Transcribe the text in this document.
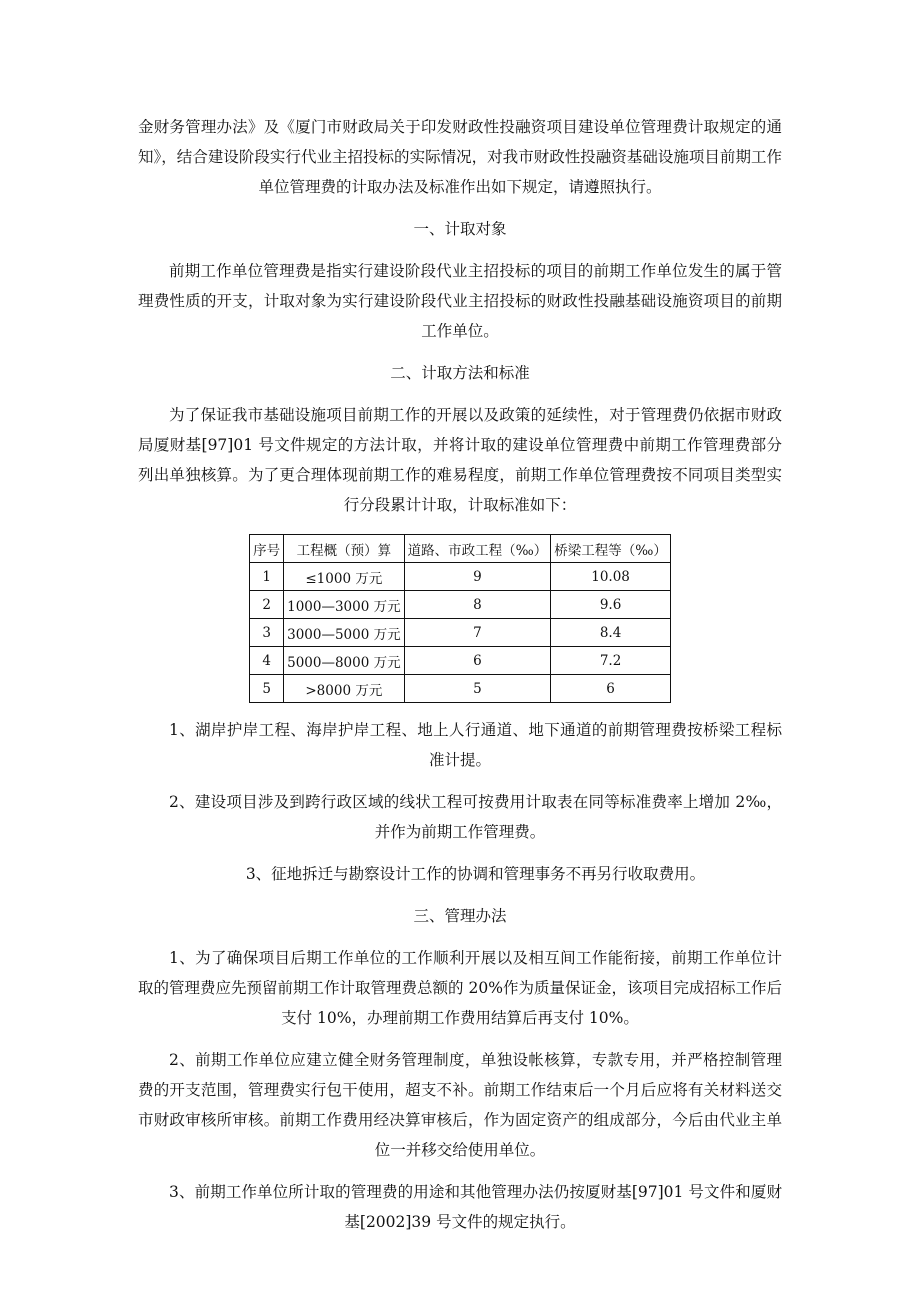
金财务管理办法》及《厦门市财政局关于印发财政性投融资项目建设单位管理费计取规定的通知》，结合建设阶段实行代业主招投标的实际情况，对我市财政性投融资基础设施项目前期工作单位管理费的计取办法及标准作出如下规定，请遵照执行。

一、计取对象

前期工作单位管理费是指实行建设阶段代业主招投标的项目的前期工作单位发生的属于管理费性质的开支，计取对象为实行建设阶段代业主招投标的财政性投融基础设施资项目的前期工作单位。

二、计取方法和标准

为了保证我市基础设施项目前期工作的开展以及政策的延续性，对于管理费仍依据市财政局厦财基[97]01 号文件规定的方法计取，并将计取的建设单位管理费中前期工作管理费部分列出单独核算。为了更合理体现前期工作的难易程度，前期工作单位管理费按不同项目类型实行分段累计计取，计取标准如下：

序号	工程概（预）算	道路、市政工程（‰）	桥梁工程等（‰）
1	≤1000 万元	9	10.08
2	1000—3000 万元	8	9.6
3	3000—5000 万元	7	8.4
4	5000—8000 万元	6	7.2
5	>8000 万元	5	6

1、湖岸护岸工程、海岸护岸工程、地上人行通道、地下通道的前期管理费按桥梁工程标准计提。

2、建设项目涉及到跨行政区域的线状工程可按费用计取表在同等标准费率上增加 2‰，并作为前期工作管理费。

3、征地拆迁与勘察设计工作的协调和管理事务不再另行收取费用。

三、管理办法

1、为了确保项目后期工作单位的工作顺利开展以及相互间工作能衔接，前期工作单位计取的管理费应先预留前期工作计取管理费总额的 20%作为质量保证金，该项目完成招标工作后支付 10%，办理前期工作费用结算后再支付 10%。

2、前期工作单位应建立健全财务管理制度，单独设帐核算，专款专用，并严格控制管理费的开支范围，管理费实行包干使用，超支不补。前期工作结束后一个月后应将有关材料送交市财政审核所审核。前期工作费用经决算审核后，作为固定资产的组成部分，今后由代业主单位一并移交给使用单位。

3、前期工作单位所计取的管理费的用途和其他管理办法仍按厦财基[97]01 号文件和厦财基[2002]39 号文件的规定执行。
